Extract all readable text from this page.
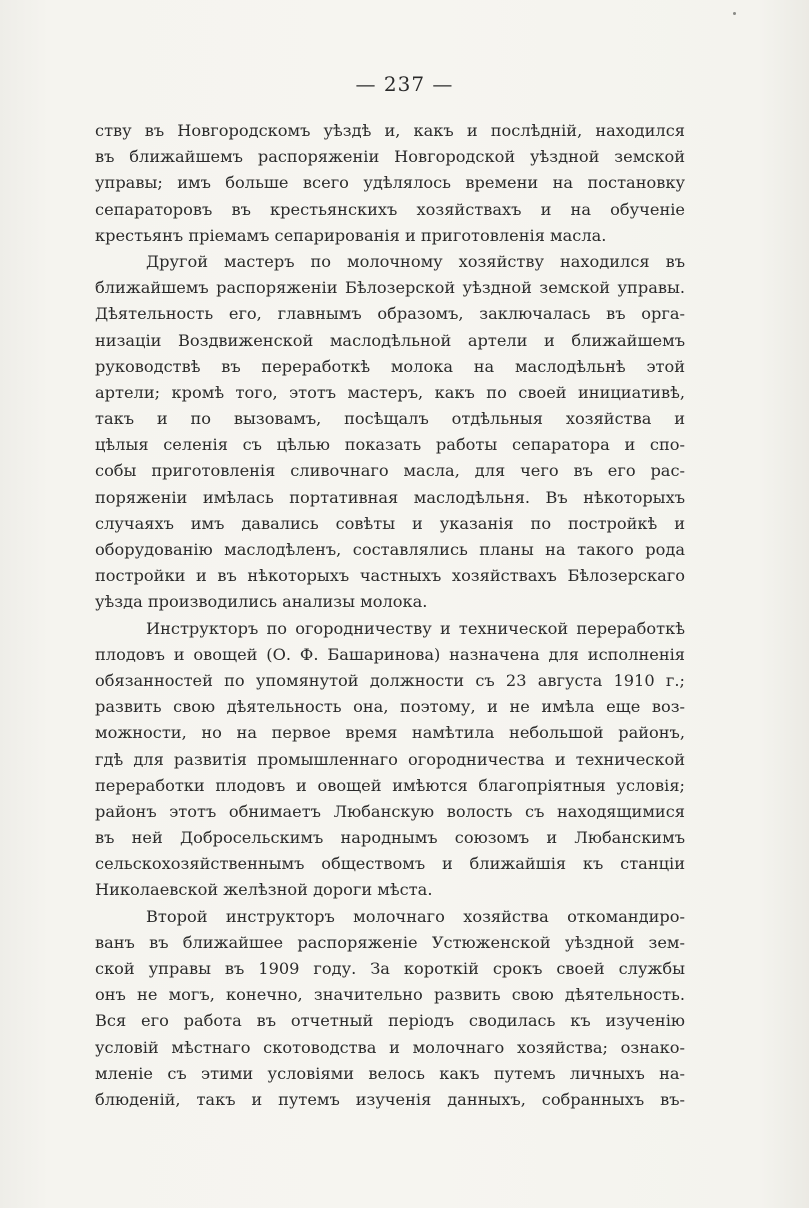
— 237 —
ству въ Новгородскомъ уѣздѣ и, какъ и послѣднiй, находился
въ ближайшемъ распоряженiи Новгородской уѣздной земской
управы; имъ больше всего удѣлялось времени на постановку
сепараторовъ въ крестьянскихъ хозяйствахъ и на обученiе
крестьянъ прiемамъ сепарированiя и приготовленiя масла.
Другой мастеръ по молочному хозяйству находился въ
ближайшемъ распоряженiи Бѣлозерской уѣздной земской управы.
Дѣятельность его, главнымъ образомъ, заключалась въ орга-
низацiи Воздвиженской маслодѣльной артели и ближайшемъ
руководствѣ въ переработкѣ молока на маслодѣльнѣ этой
артели; кромѣ того, этотъ мастеръ, какъ по своей инициативѣ,
такъ и по вызовамъ, посѣщалъ отдѣльныя хозяйства и
цѣлыя селенiя съ цѣлью показать работы сепаратора и спо-
собы приготовленiя сливочнаго масла, для чего въ его рас-
поряженiи имѣлась портативная маслодѣльня. Въ нѣкоторыхъ
случаяхъ имъ давались совѣты и указанiя по постройкѣ и
оборудованiю маслодѣленъ, составлялись планы на такого рода
постройки и въ нѣкоторыхъ частныхъ хозяйствахъ Бѣлозерскаго
уѣзда производились анализы молока.
Инструкторъ по огородничеству и технической переработкѣ
плодовъ и овощей (О. Ф. Башаринова) назначена для исполненiя
обязанностей по упомянутой должности съ 23 августа 1910 г.;
развить свою дѣятельность она, поэтому, и не имѣла еще воз-
можности, но на первое время намѣтила небольшой районъ,
гдѣ для развитiя промышленнаго огородничества и технической
переработки плодовъ и овощей имѣются благопрiятныя условiя;
районъ этотъ обнимаетъ Любанскую волость съ находящимися
въ ней Добросельскимъ народнымъ союзомъ и Любанскимъ
сельскохозяйственнымъ обществомъ и ближайшiя къ станцiи
Николаевской желѣзной дороги мѣста.
Второй инструкторъ молочнаго хозяйства откомандиро-
ванъ въ ближайшее распоряженiе Устюженской уѣздной зем-
ской управы въ 1909 году. За короткiй срокъ своей службы
онъ не могъ, конечно, значительно развить свою дѣятельность.
Вся его работа въ отчетный перiодъ сводилась къ изученiю
условiй мѣстнаго скотоводства и молочнаго хозяйства; ознако-
мленiе съ этими условiями велось какъ путемъ личныхъ на-
блюденiй, такъ и путемъ изученiя данныхъ, собранныхъ въ-
